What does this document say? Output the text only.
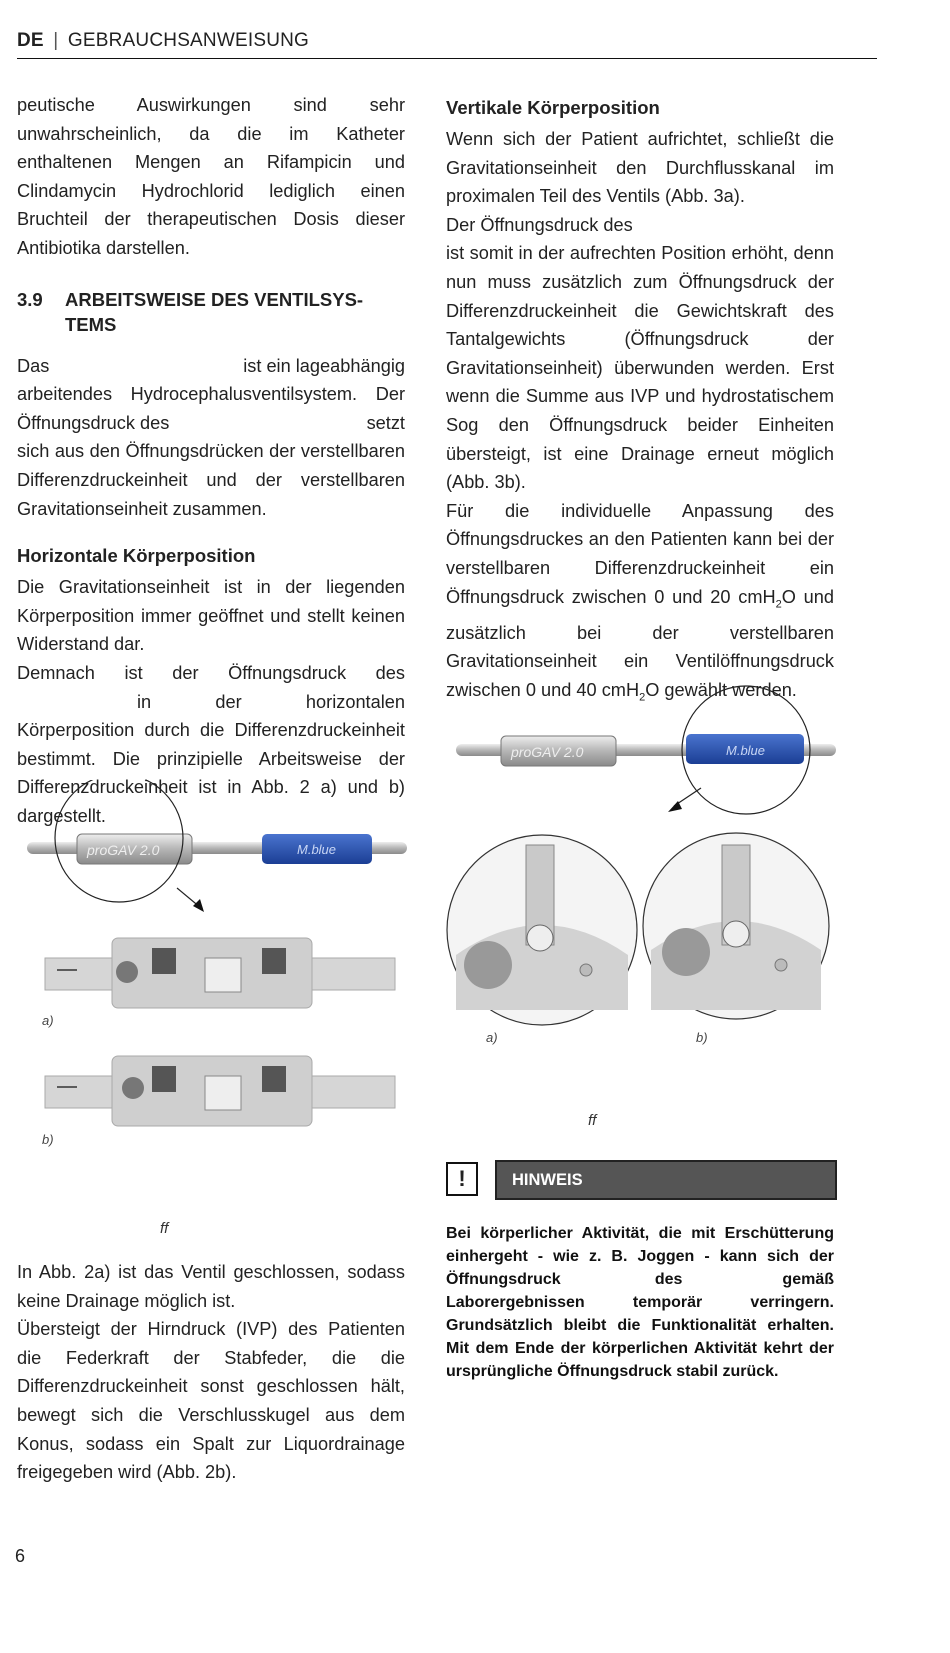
DE | GEBRAUCHSANWEISUNG

peutische Auswirkungen sind sehr unwahrscheinlich, da die im Katheter enthaltenen Mengen an Rifampicin und Clindamycin Hydrochlorid lediglich einen Bruchteil der therapeutischen Dosis dieser Antibiotika darstellen.

3.9	ARBEITSWEISE DES VENTILSYS-
TEMS
Das	ist ein lageabhängig
arbeitendes Hydrocephalusventilsystem. Der
Öffnungsdruck des	setzt

sich aus den Öffnungsdrücken der verstellbaren Differenzdruckeinheit und der verstellbaren Gravitationseinheit zusammen.

Horizontale Körperposition

Die Gravitationseinheit ist in der liegenden Körperposition immer geöffnet und stellt keinen Widerstand dar.

Demnach ist der Öffnungsdruck desin der horizontalen Körperposition durch die Differenzdruckeinheit bestimmt. Die prinzipielle Arbeitsweise der Differenzdruckeinheit ist in Abb. 2 a) und b) dargestellt.

proGAV 2.0	M.blue
a)
b)
ff

In Abb. 2a) ist das Ventil geschlossen, sodass keine Drainage möglich ist.

Übersteigt der Hirndruck (IVP) des Patienten die Federkraft der Stabfeder, die die Differenzdruckeinheit sonst geschlossen hält, bewegt sich die Verschlusskugel aus dem Konus, sodass ein Spalt zur Liquordrainage freigegeben wird (Abb. 2b).

Vertikale Körperposition

Wenn sich der Patient aufrichtet, schließt die Gravitationseinheit den Durchflusskanal im proximalen Teil des Ventils (Abb. 3a).

Der Öffnungsdruck des
ist somit in der aufrechten Position erhöht, denn nun muss zusätzlich zum Öffnungsdruck der Differenzdruckeinheit die Gewichtskraft des Tantalgewichts (Öffnungsdruck der Gravitationseinheit) überwunden werden. Erst wenn die Summe aus IVP und hydrostatischem Sog den Öffnungsdruck beider Einheiten übersteigt, ist eine Drainage erneut möglich (Abb. 3b).

Für die individuelle Anpassung des Öffnungsdruckes an den Patienten kann bei der verstellbaren Differenzdruckeinheit ein Öffnungsdruck zwischen 0 und 20 cmH$_2$O und zusätzlich bei der verstellbaren Gravitationseinheit ein Ventilöffnungsdruck zwischen 0 und 40 cmH$_2$O gewählt werden.

proGAV 2.0	M.blue
a)	b)
ff
!	HINWEIS

Bei körperlicher Aktivität, die mit Erschütterung einhergeht - wie z. B. Joggen - kann sich der Öffnungsdruck des	gemäß Laborergebnissen temporär verringern. Grundsätzlich bleibt die Funktionalität erhalten. Mit dem Ende der körperlichen Aktivität kehrt der ursprüngliche Öffnungsdruck stabil zurück.

6
